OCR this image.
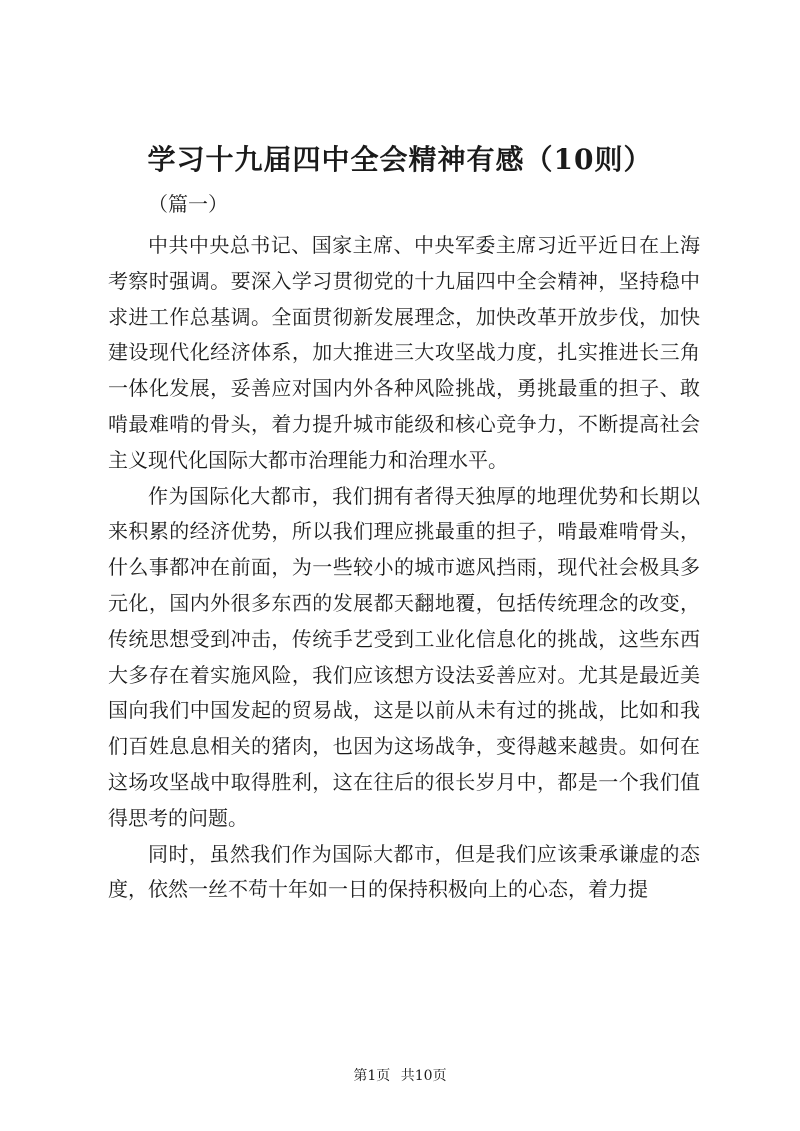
学习十九届四中全会精神有感（10则）

（篇一）

中共中央总书记、国家主席、中央军委主席习近平近日在上海考察时强调。要深入学习贯彻党的十九届四中全会精神，坚持稳中求进工作总基调。全面贯彻新发展理念，加快改革开放步伐，加快建设现代化经济体系，加大推进三大攻坚战力度，扎实推进长三角一体化发展，妥善应对国内外各种风险挑战，勇挑最重的担子、敢啃最难啃的骨头，着力提升城市能级和核心竞争力，不断提高社会主义现代化国际大都市治理能力和治理水平。

作为国际化大都市，我们拥有者得天独厚的地理优势和长期以来积累的经济优势，所以我们理应挑最重的担子，啃最难啃骨头，什么事都冲在前面，为一些较小的城市遮风挡雨，现代社会极具多元化，国内外很多东西的发展都天翻地覆，包括传统理念的改变，传统思想受到冲击，传统手艺受到工业化信息化的挑战，这些东西大多存在着实施风险，我们应该想方设法妥善应对。尤其是最近美国向我们中国发起的贸易战，这是以前从未有过的挑战，比如和我们百姓息息相关的猪肉，也因为这场战争，变得越来越贵。如何在这场攻坚战中取得胜利，这在往后的很长岁月中，都是一个我们值得思考的问题。

同时，虽然我们作为国际大都市，但是我们应该秉承谦虚的态度，依然一丝不苟十年如一日的保持积极向上的心态，着力提

第1页 共10页
